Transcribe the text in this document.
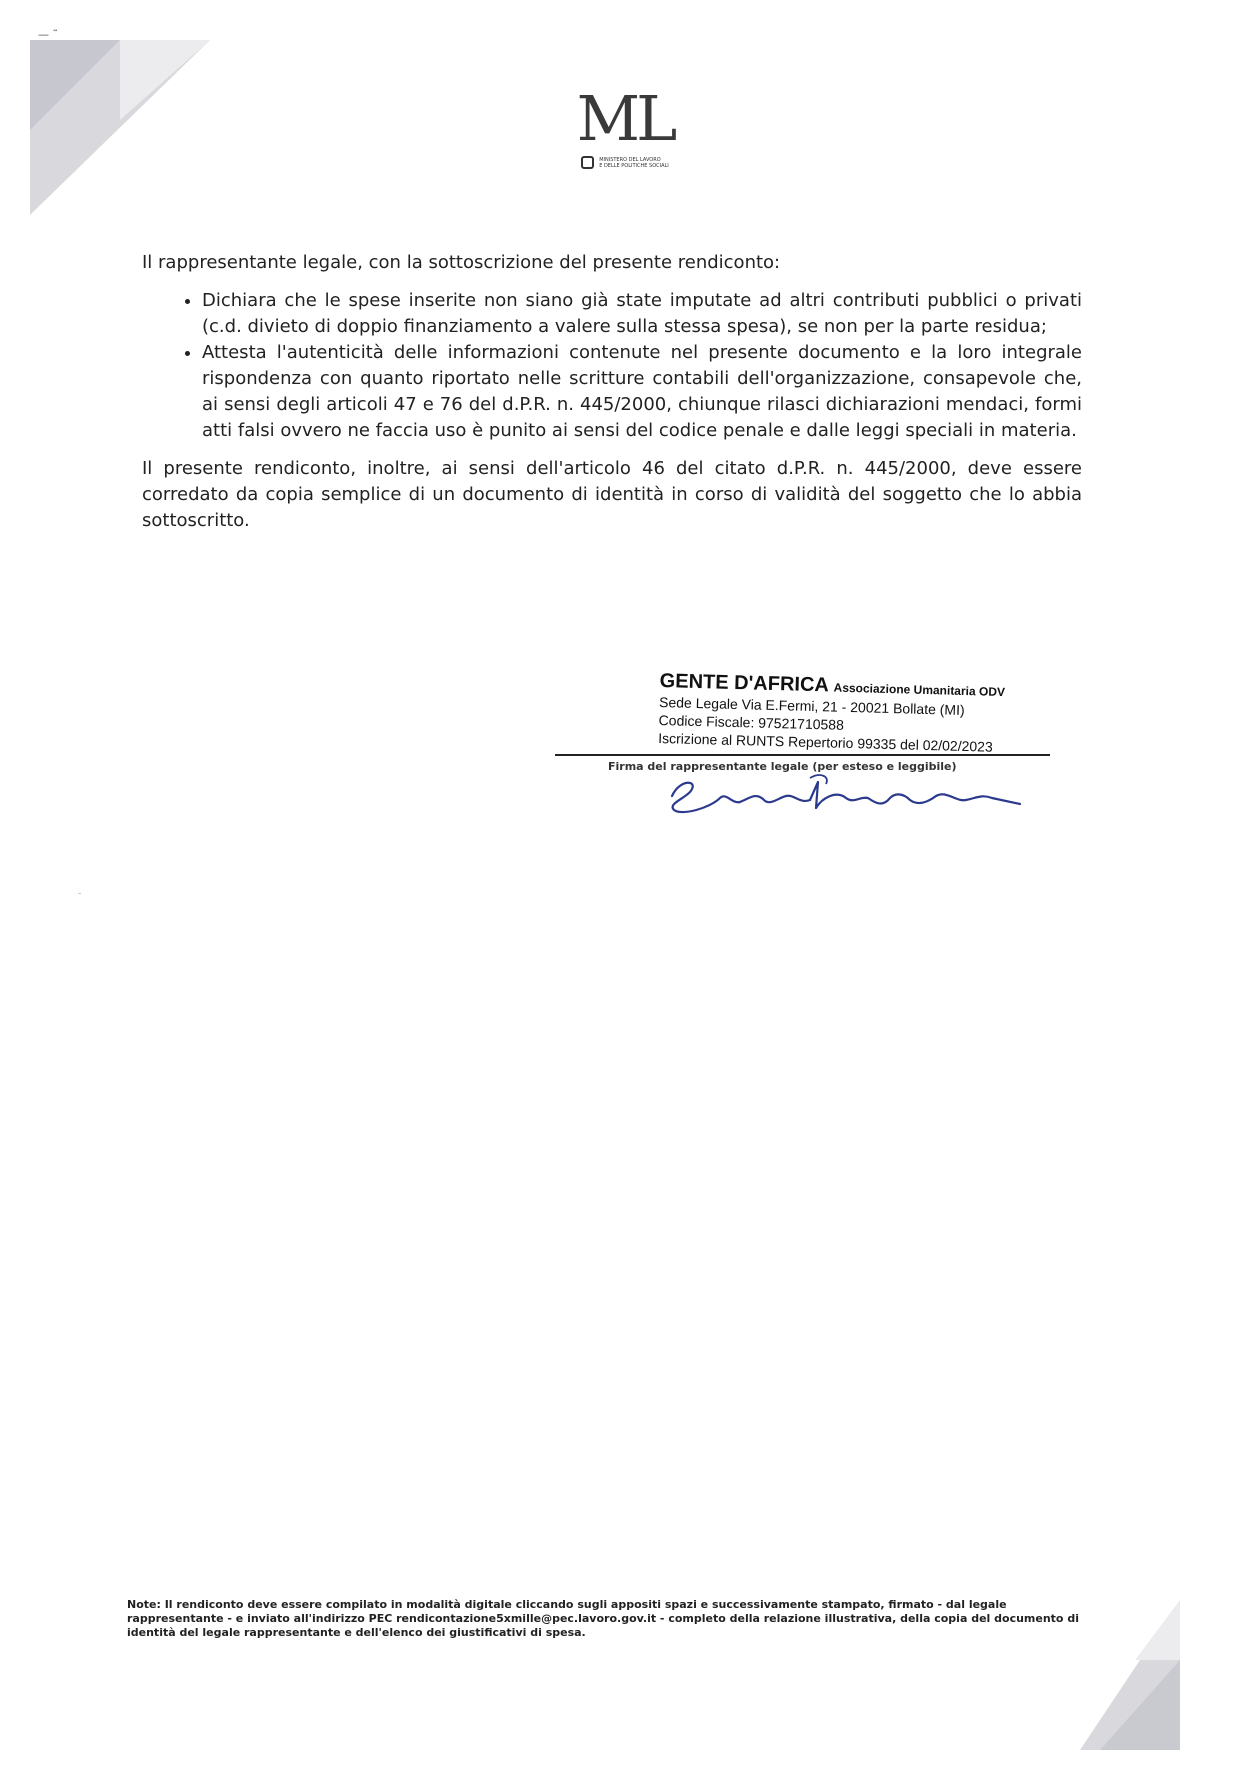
— ˜
ML
MINISTERO DEL LAVORO
E DELLE POLITICHE SOCIALI

Il rappresentante legale, con la sottoscrizione del presente rendiconto:

• Dichiara che le spese inserite non siano già state imputate ad altri contributi pubblici o privati (c.d. divieto di doppio finanziamento a valere sulla stessa spesa), se non per la parte residua;
• Attesta l'autenticità delle informazioni contenute nel presente documento e la loro integrale rispondenza con quanto riportato nelle scritture contabili dell'organizzazione, consapevole che, ai sensi degli articoli 47 e 76 del d.P.R. n. 445/2000, chiunque rilasci dichiarazioni mendaci, formi atti falsi ovvero ne faccia uso è punito ai sensi del codice penale e dalle leggi speciali in materia.

Il presente rendiconto, inoltre, ai sensi dell'articolo 46 del citato d.P.R. n. 445/2000, deve essere corredato da copia semplice di un documento di identità in corso di validità del soggetto che lo abbia sottoscritto.

GENTE D'AFRICA Associazione Umanitaria ODV
Sede Legale Via E.Fermi, 21 - 20021 Bollate (MI)
Codice Fiscale: 97521710588
Iscrizione al RUNTS Repertorio 99335 del 02/02/2023
Firma del rappresentante legale (per esteso e leggibile)
Note: Il rendiconto deve essere compilato in modalità digitale cliccando sugli appositi spazi e successivamente stampato, firmato - dal legale rappresentante - e inviato all'indirizzo PEC rendicontazione5xmille@pec.lavoro.gov.it - completo della relazione illustrativa, della copia del documento di identità del legale rappresentante e dell'elenco dei giustificativi di spesa.
